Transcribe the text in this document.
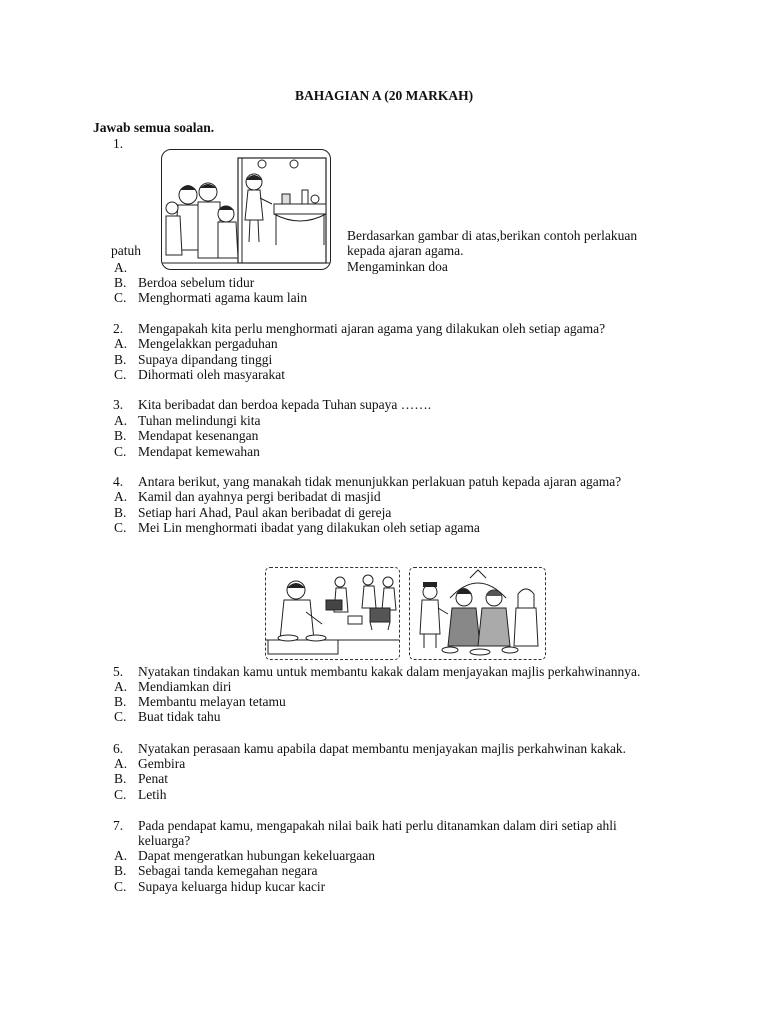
BAHAGIAN A (20 MARKAH)
Jawab semua soalan.
1.
Berdasarkan gambar di atas,berikan contoh perlakuan
patuh	kepada ajaran agama.
A.	Mengaminkan doa
B. Berdoa sebelum tidur
C. Menghormati agama kaum lain
2. Mengapakah kita perlu menghormati ajaran agama yang dilakukan oleh setiap agama?
A. Mengelakkan pergaduhan
B. Supaya dipandang tinggi
C. Dihormati oleh masyarakat
3. Kita beribadat dan berdoa kepada Tuhan supaya …….
A. Tuhan melindungi kita
B. Mendapat kesenangan
C. Mendapat kemewahan
4. Antara berikut, yang manakah tidak menunjukkan perlakuan patuh kepada ajaran agama?
A. Kamil dan ayahnya pergi beribadat di masjid
B. Setiap hari Ahad, Paul akan beribadat di gereja
C. Mei Lin menghormati ibadat yang dilakukan oleh setiap agama
5. Nyatakan tindakan kamu untuk membantu kakak dalam menjayakan majlis perkahwinannya.
A. Mendiamkan diri
B. Membantu melayan tetamu
C. Buat tidak tahu
6. Nyatakan perasaan kamu apabila dapat membantu menjayakan majlis perkahwinan kakak.
A. Gembira
B. Penat
C. Letih
7. Pada pendapat kamu, mengapakah nilai baik hati perlu ditanamkan dalam diri setiap ahli
keluarga?
A. Dapat mengeratkan hubungan kekeluargaan
B. Sebagai tanda kemegahan negara
C. Supaya keluarga hidup kucar kacir
